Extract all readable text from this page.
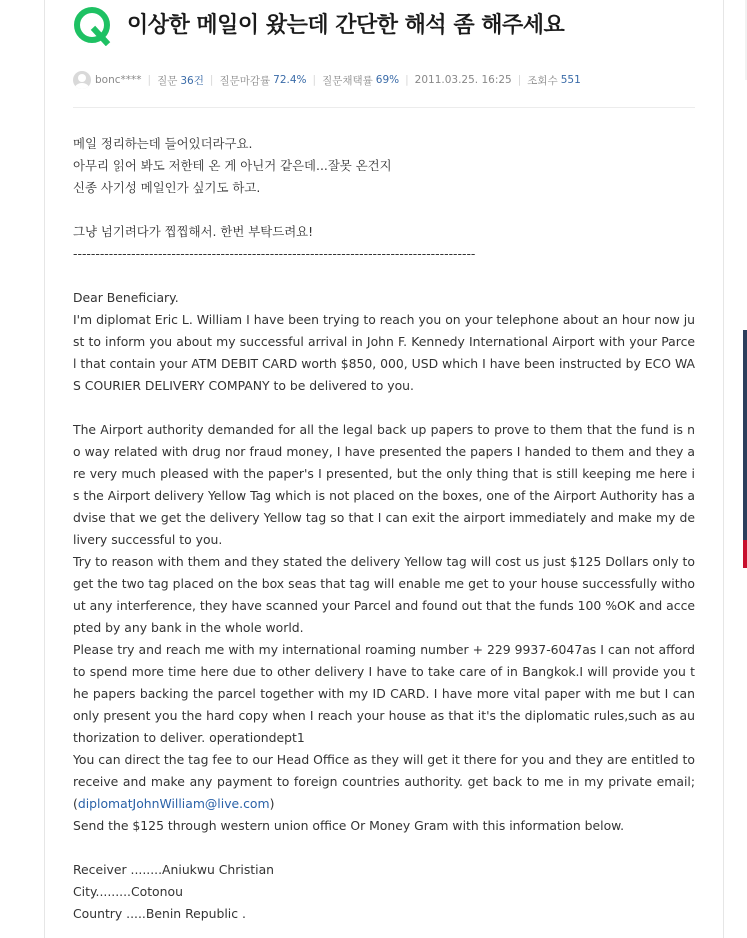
이상한 메일이 왔는데 간단한 해석 좀 해주세요
bonc**** | 질문 36건 | 질문마감률 72.4% | 질문채택률 69% | 2011.03.25. 16:25 | 조회수 551

메일 정리하는데 들어있더라구요.

아무리 읽어 봐도 저한테 온 게 아닌거 같은데...잘못 온건지

신종 사기성 메일인가 싶기도 하고.

그냥 넘기려다가 찝찝해서. 한번 부탁드려요!

------------------------------------------------------------------------------------------

Dear Beneficiary.

I'm diplomat Eric L. William I have been trying to reach you on your telephone about an hour now just to inform you about my successful arrival in John F. Kennedy International Airport with your Parcel that contain your ATM DEBIT CARD worth $850, 000, USD which I have been instructed by ECO WAS COURIER DELIVERY COMPANY to be delivered to you.

The Airport authority demanded for all the legal back up papers to prove to them that the fund is no way related with drug nor fraud money, I have presented the papers I handed to them and they are very much pleased with the paper's I presented, but the only thing that is still keeping me here is the Airport delivery Yellow Tag which is not placed on the boxes, one of the Airport Authority has advise that we get the delivery Yellow tag so that I can exit the airport immediately and make my delivery successful to you.

Try to reason with them and they stated the delivery Yellow tag will cost us just $125 Dollars only to get the two tag placed on the box seas that tag will enable me get to your house successfully without any interference, they have scanned your Parcel and found out that the funds 100 %OK and accepted by any bank in the whole world.

Please try and reach me with my international roaming number + 229 9937-6047as I can not afford to spend more time here due to other delivery I have to take care of in Bangkok.I will provide you the papers backing the parcel together with my ID CARD. I have more vital paper with me but I can only present you the hard copy when I reach your house as that it's the diplomatic rules,such as authorization to deliver. operationdept1

You can direct the tag fee to our Head Office as they will get it there for you and they are entitled to receive and make any payment to foreign countries authority. get back to me in my private email; (diplomatJohnWilliam@live.com)

Send the $125 through western union office Or Money Gram with this information below.

Receiver ........Aniukwu Christian

City.........Cotonou

Country .....Benin Republic .
